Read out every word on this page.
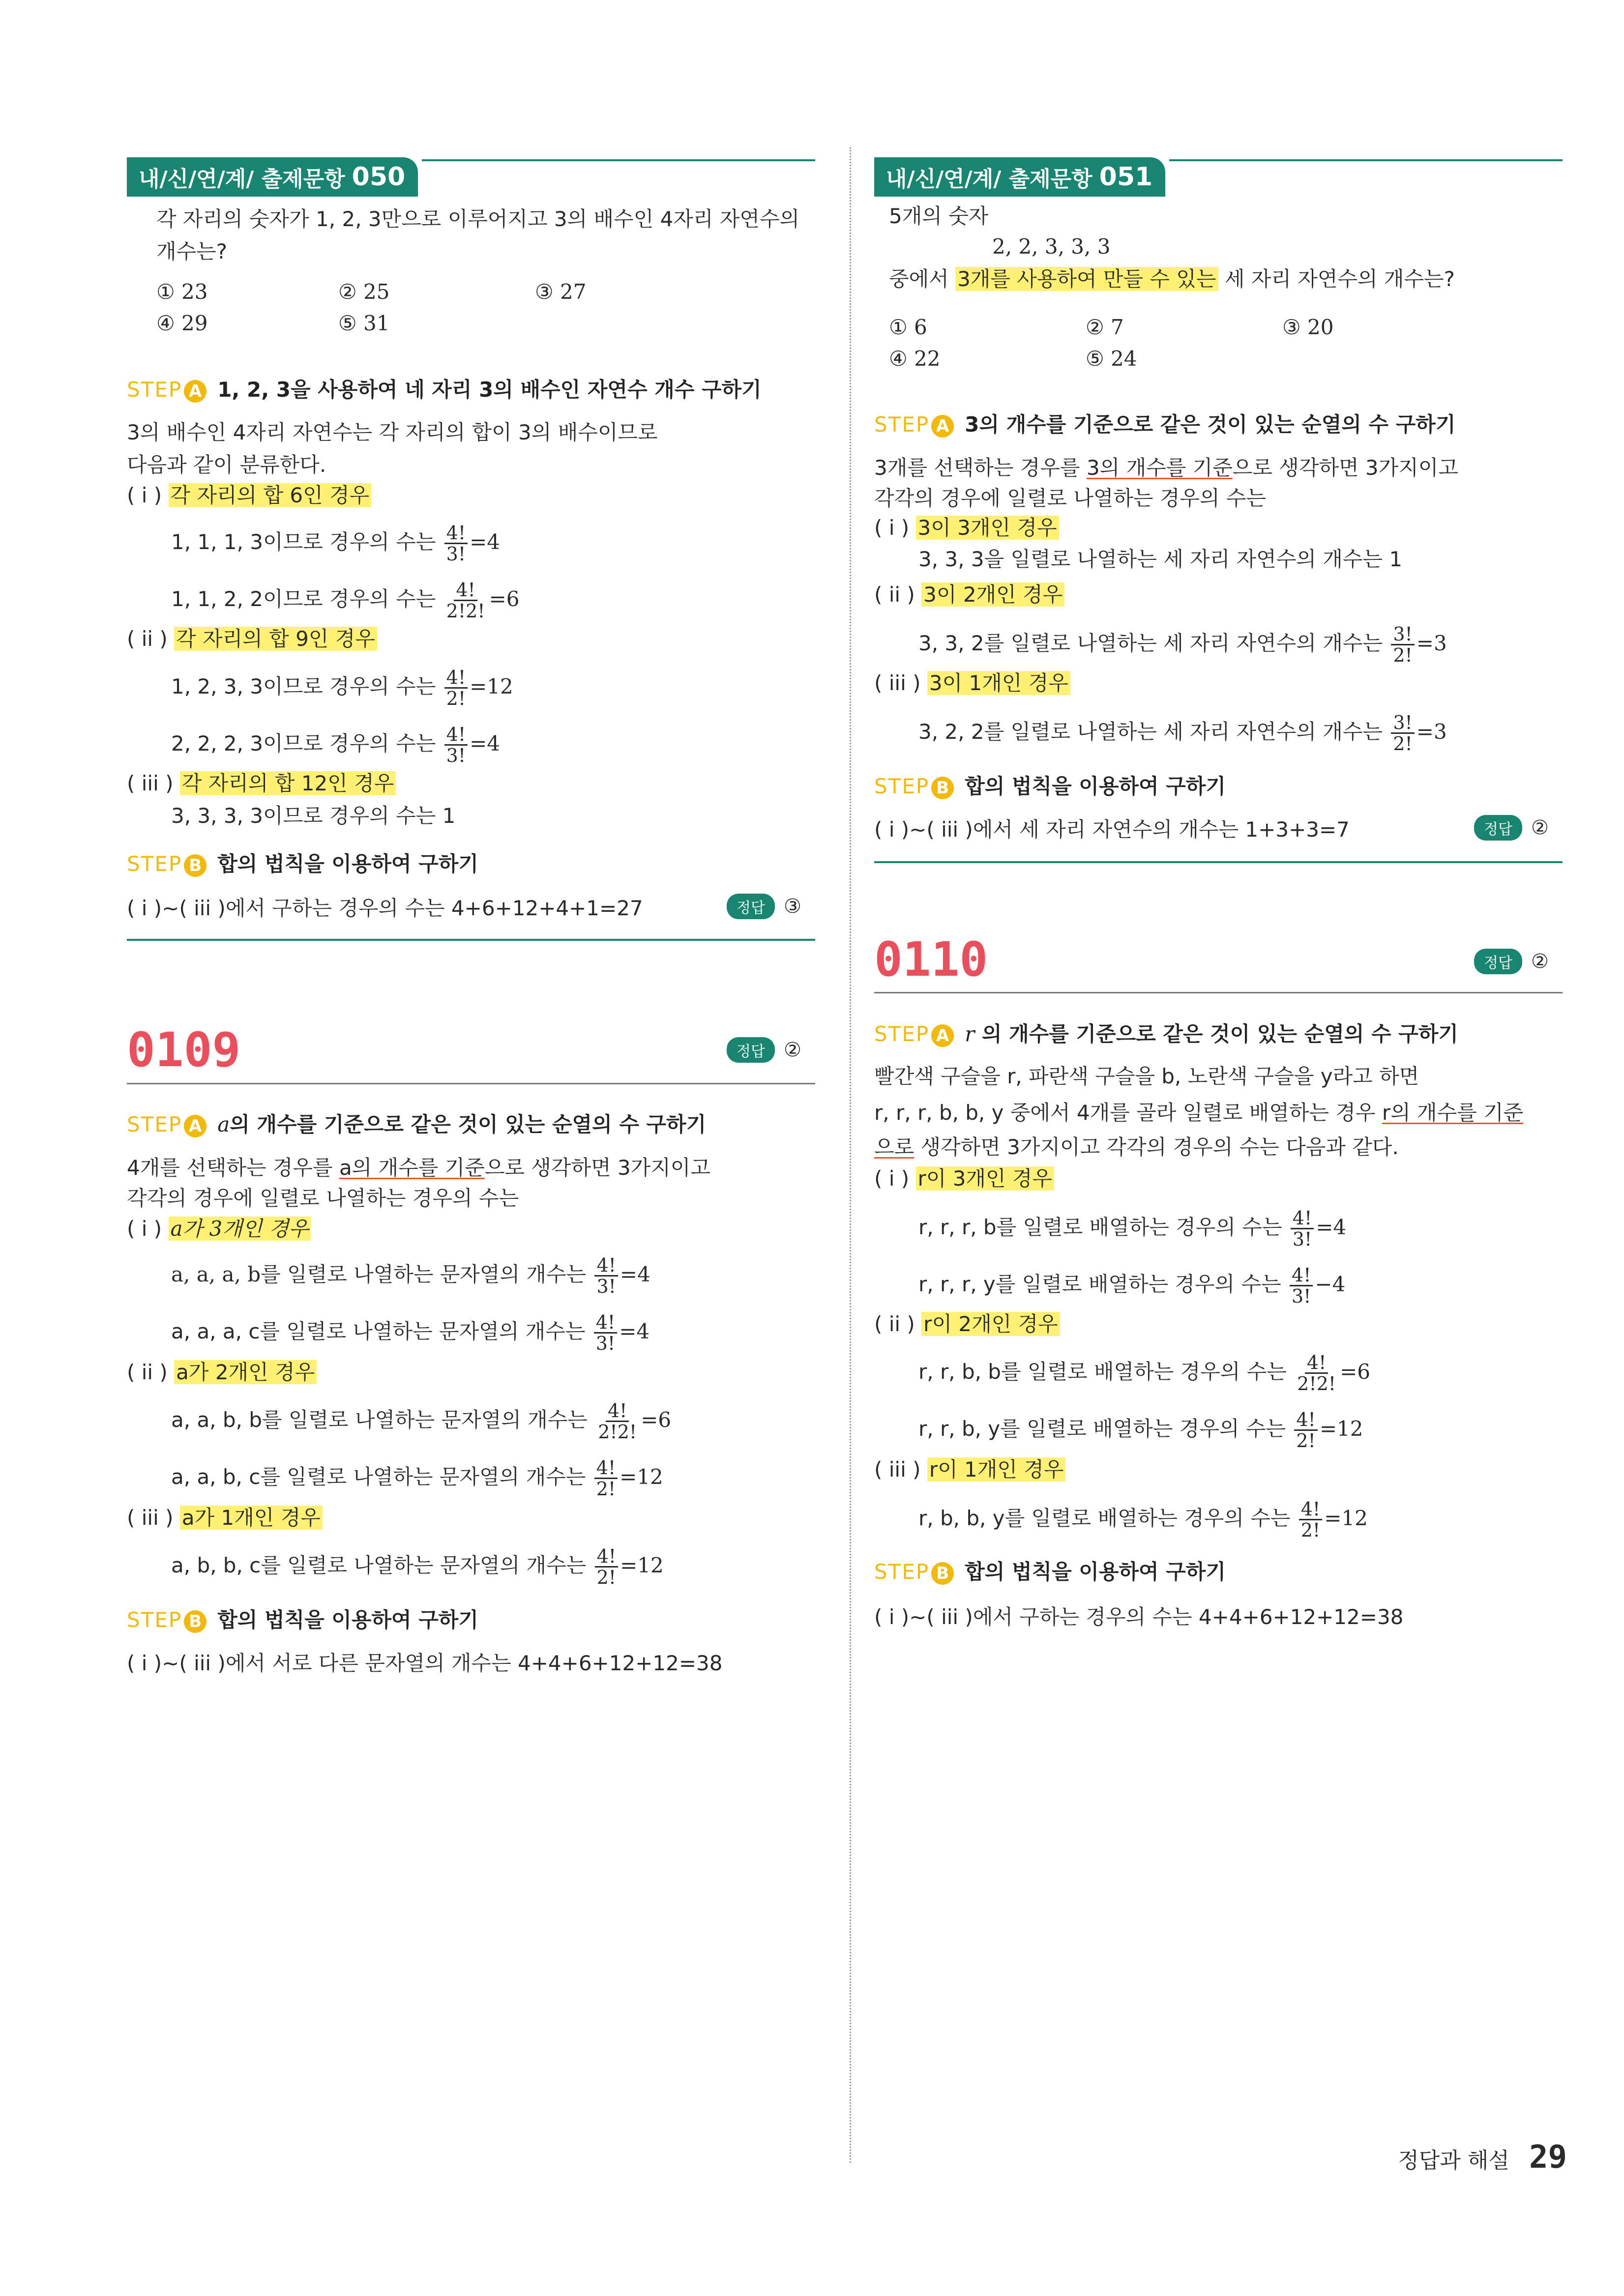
내/신/연/계/ 출제문항 050
각 자리의 숫자가 1, 2, 3만으로 이루어지고 3의 배수인 4자리 자연수의
개수는?
① 23	② 25	③ 27
④ 29	⑤ 31
STEP A 1, 2, 3을 사용하여 네 자리 3의 배수인 자연수 개수 구하기
3의 배수인 4자리 자연수는 각 자리의 합이 3의 배수이므로
다음과 같이 분류한다.
( i ) 각 자리의 합 6인 경우
1, 1, 1, 3이므로 경우의 수는 $\frac{4!}{3!} =4$
1, 1, 2, 2이므로 경우의 수는 $\frac{4!}{2!2!} =6$
( ii ) 각 자리의 합 9인 경우
1, 2, 3, 3이므로 경우의 수는 $\frac{4!}{2!} =12$
2, 2, 2, 3이므로 경우의 수는 $\frac{4!}{3!} =4$
( iii ) 각 자리의 합 12인 경우
3, 3, 3, 3이므로 경우의 수는 1
STEP B 합의 법칙을 이용하여 구하기
( i )~( iii )에서 구하는 경우의 수는 4+6+12+4+1=27	정답 ③
0109	정답 ②
STEP A a의 개수를 기준으로 같은 것이 있는 순열의 수 구하기
4개를 선택하는 경우를 a의 개수를 기준으로 생각하면 3가지이고
각각의 경우에 일렬로 나열하는 경우의 수는
( i ) a가 3개인 경우
a, a, a, b를 일렬로 나열하는 문자열의 개수는 $\frac{4!}{3!} =4$
a, a, a, c를 일렬로 나열하는 문자열의 개수는 $\frac{4!}{3!} =4$
( ii ) a가 2개인 경우
a, a, b, b를 일렬로 나열하는 문자열의 개수는 $\frac{4!}{2!2!} =6$
a, a, b, c를 일렬로 나열하는 문자열의 개수는 $\frac{4!}{2!} =12$
( iii ) a가 1개인 경우
a, b, b, c를 일렬로 나열하는 문자열의 개수는 $\frac{4!}{2!} =12$
STEP B 합의 법칙을 이용하여 구하기
( i )~( iii )에서 서로 다른 문자열의 개수는 4+4+6+12+12=38
내/신/연/계/ 출제문항 051
5개의 숫자
2, 2, 3, 3, 3
중에서 3개를 사용하여 만들 수 있는 세 자리 자연수의 개수는?
① 6	② 7	③ 20
④ 22	⑤ 24
STEP A 3의 개수를 기준으로 같은 것이 있는 순열의 수 구하기
3개를 선택하는 경우를 3의 개수를 기준으로 생각하면 3가지이고
각각의 경우에 일렬로 나열하는 경우의 수는
( i ) 3이 3개인 경우
3, 3, 3을 일렬로 나열하는 세 자리 자연수의 개수는 1
( ii ) 3이 2개인 경우
3, 3, 2를 일렬로 나열하는 세 자리 자연수의 개수는 $\frac{3!}{2!} =3$
( iii ) 3이 1개인 경우
3, 2, 2를 일렬로 나열하는 세 자리 자연수의 개수는 $\frac{3!}{2!} =3$
STEP B 합의 법칙을 이용하여 구하기
( i )~( iii )에서 세 자리 자연수의 개수는 1+3+3=7	정답 ②
0110	정답 ②
STEP A r 의 개수를 기준으로 같은 것이 있는 순열의 수 구하기
빨간색 구슬을 r, 파란색 구슬을 b, 노란색 구슬을 y라고 하면
r, r, r, b, b, y 중에서 4개를 골라 일렬로 배열하는 경우 r의 개수를 기준
으로 생각하면 3가지이고 각각의 경우의 수는 다음과 같다.
( i ) r이 3개인 경우
r, r, r, b를 일렬로 배열하는 경우의 수는 $\frac{4!}{3!} =4$
r, r, r, y를 일렬로 배열하는 경우의 수는 $\frac{4!}{3!} -4$
( ii ) r이 2개인 경우
r, r, b, b를 일렬로 배열하는 경우의 수는 $\frac{4!}{2!2!} =6$
r, r, b, y를 일렬로 배열하는 경우의 수는 $\frac{4!}{2!} =12$
( iii ) r이 1개인 경우
r, b, b, y를 일렬로 배열하는 경우의 수는 $\frac{4!}{2!} =12$
STEP B 합의 법칙을 이용하여 구하기
( i )~( iii )에서 구하는 경우의 수는 4+4+6+12+12=38
정답과 해설 29
